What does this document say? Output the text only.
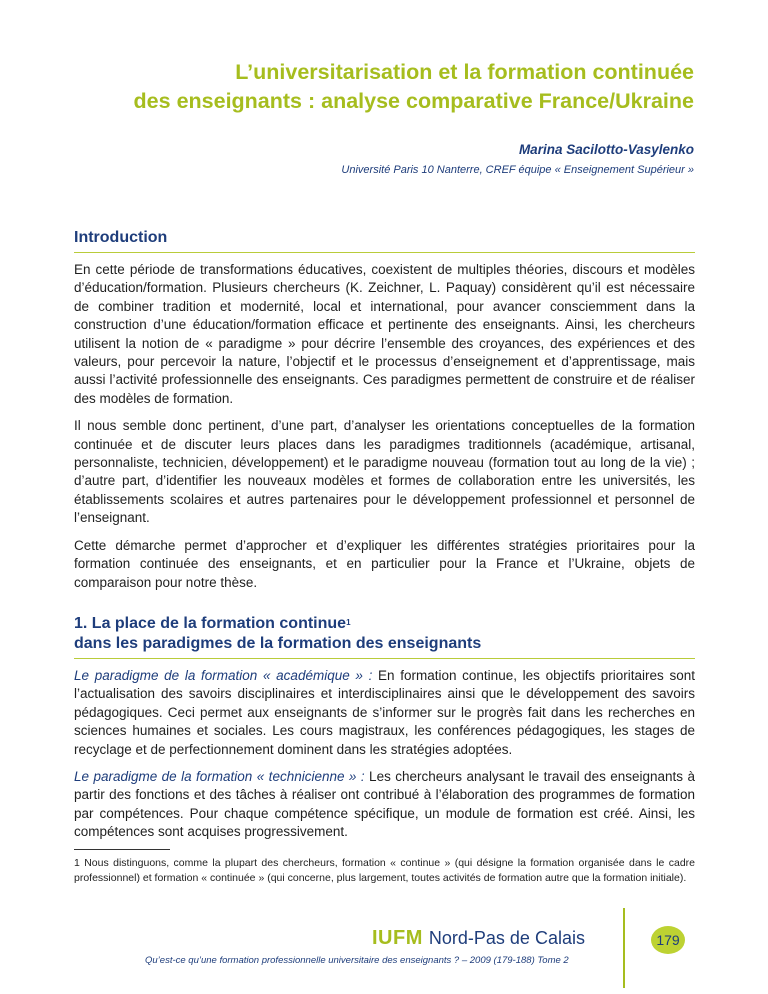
L’universitarisation et la formation continuée
des enseignants : analyse comparative France/Ukraine
Marina Sacilotto-Vasylenko
Université Paris 10 Nanterre, CREF équipe « Enseignement Supérieur »
Introduction

En cette période de transformations éducatives, coexistent de multiples théories, discours et modèles d’éducation/formation. Plusieurs chercheurs (K. Zeichner, L. Paquay) considèrent qu’il est nécessaire de combiner tradition et modernité, local et international, pour avancer consciemment dans la construction d’une éducation/formation efficace et pertinente des enseignants. Ainsi, les chercheurs utilisent la notion de « paradigme » pour décrire l’ensemble des croyances, des expériences et des valeurs, pour percevoir la nature, l’objectif et le processus d’enseignement et d’apprentissage, mais aussi l’activité professionnelle des enseignants. Ces paradigmes permettent de construire et de réaliser des modèles de formation.

Il nous semble donc pertinent, d’une part, d’analyser les orientations conceptuelles de la formation continuée et de discuter leurs places dans les paradigmes traditionnels (académique, artisanal, personnaliste, technicien, développement) et le paradigme nouveau (formation tout au long de la vie) ; d’autre part, d’identifier les nouveaux modèles et formes de collaboration entre les universités, les établissements scolaires et autres partenaires pour le développement professionnel et personnel de l’enseignant.

Cette démarche permet d’approcher et d’expliquer les différentes stratégies prioritaires pour la formation continuée des enseignants, et en particulier pour la France et l’Ukraine, objets de comparaison pour notre thèse.

1. La place de la formation continue$^1$
dans les paradigmes de la formation des enseignants

Le paradigme de la formation « académique » : En formation continue, les objectifs prioritaires sont l’actualisation des savoirs disciplinaires et interdisciplinaires ainsi que le développement des savoirs pédagogiques. Ceci permet aux enseignants de s’informer sur le progrès fait dans les recherches en sciences humaines et sociales. Les cours magistraux, les conférences pédagogiques, les stages de recyclage et de perfectionnement dominent dans les stratégies adoptées.

Le paradigme de la formation « technicienne » : Les chercheurs analysant le travail des enseignants à partir des fonctions et des tâches à réaliser ont contribué à l’élaboration des programmes de formation par compétences. Pour chaque compétence spécifique, un module de formation est créé. Ainsi, les compétences sont acquises progressivement.

1 Nous distinguons, comme la plupart des chercheurs, formation « continue » (qui désigne la formation organisée dans le cadre professionnel) et formation « continuée » (qui concerne, plus largement, toutes activités de formation autre que la formation initiale).

IUFM Nord-Pas de Calais
Qu’est-ce qu’une formation professionnelle universitaire des enseignants ? – 2009 (179-188) Tome 2
179
